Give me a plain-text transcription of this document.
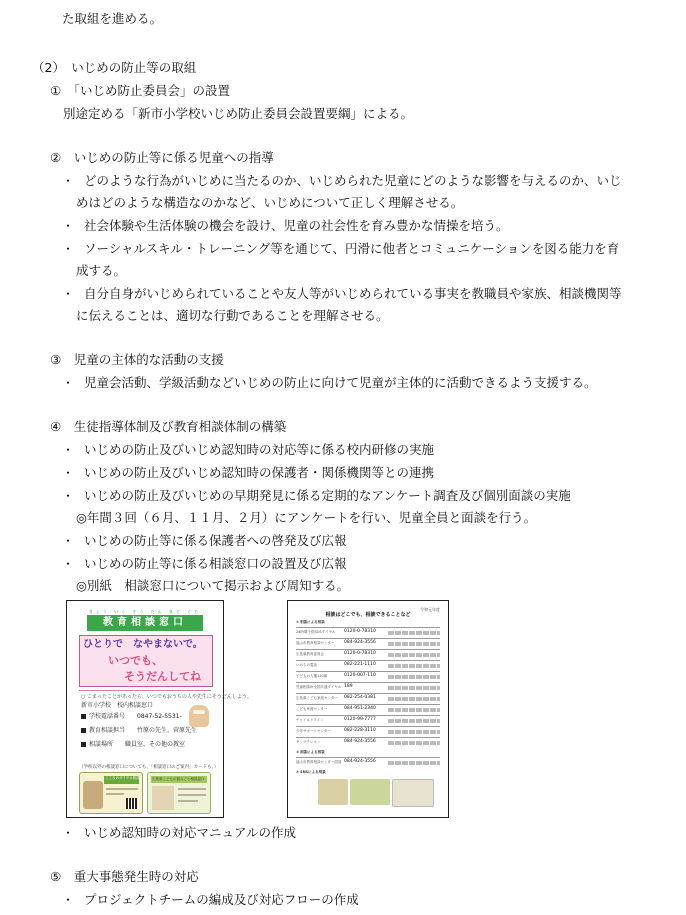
た取組を進める。
（2）　いじめの防止等の取組
①　「いじめ防止委員会」の設置
別途定める「新市小学校いじめ防止委員会設置要綱」による。
②　いじめの防止等に係る児童への指導
・ どのような行為がいじめに当たるのか、いじめられた児童にどのような影響を与えるのか、いじ
めはどのような構造なのかなど、いじめについて正しく理解させる。
・ 社会体験や生活体験の機会を設け、児童の社会性を育み豊かな情操を培う。
・ ソーシャルスキル・トレーニング等を通じて、円滑に他者とコミュニケーションを図る能力を育
成する。
・ 自分自身がいじめられていることや友人等がいじめられている事実を教職員や家族、相談機関等
に伝えることは、適切な行動であることを理解させる。
③　児童の主体的な活動の支援
・ 児童会活動、学級活動などいじめの防止に向けて児童が主体的に活動できるよう支援する。
④　生徒指導体制及び教育相談体制の構築
・ いじめの防止及びいじめ認知時の対応等に係る校内研修の実施
・ いじめの防止及びいじめ認知時の保護者・関係機関等との連携
・ いじめの防止及びいじめの早期発見に係る定期的なアンケート調査及び個別面談の実施
◎年間３回（６月、１１月、２月）にアンケートを行い、児童全員と面談を行う。
・ いじめの防止等に係る保護者への啓発及び広報
・ いじめの防止等に係る相談窓口の設置及び広報
◎別紙　相談窓口について掲示および周知する。
きょう いく そう だん まど ぐち
教育相談窓口
ひとりで　なやまないで。
いつでも、
そうだんしてね
○ こまったことがあったら、いつでもおうちの人や先生にそうだんしよう。
新市小学校　校内相談窓口
学校電話番号　　0847-52-5531-
教育相談担当　　竹原の先生、菅原先生
相談場所　　職員室、その他の教室
（学校以外の相談窓口についても、「相談窓口のご案内」カードも、）
こころのダイヤル相談	広島県こどもの悩みごと相談窓口
令和元年度
相談はどこでも、相談できることなど
① 相談による相談
24時間子供SOSダイヤル	0120-0-78310
福山市教育相談センター	084-924-3556
広島県教育委員会	0120-0-78310
いのちの電話	082-221-1110
子どもの人権110番	0120-007-110
児童相談所全国共通ダイヤル 189
広島県こども家庭センター	082-254-0381
こども家庭センター	084-951-2340
チャイルドライン	0120-99-7777
少年サポートセンター	082-228-3110
ヤングテレホン	084-924-3556
② 面談による相談
福山市教育相談センター面談 084-924-3556
③ SNSによる相談
・ いじめ認知時の対応マニュアルの作成
⑤　重大事態発生時の対応
・ プロジェクトチームの編成及び対応フローの作成
